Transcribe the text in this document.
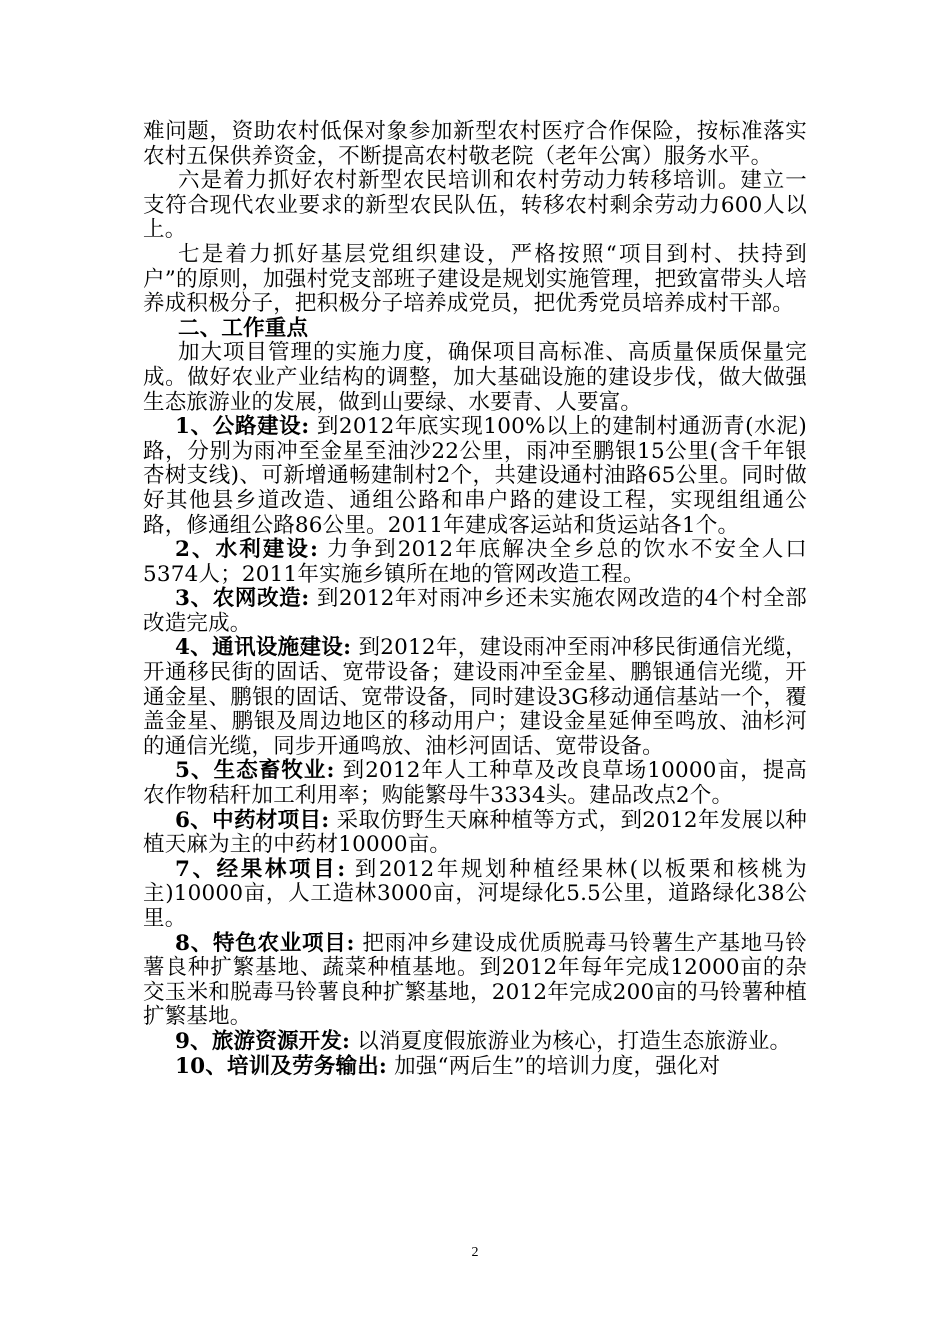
难问题，资助农村低保对象参加新型农村医疗合作保险，按标准落实农村五保供养资金，不断提高农村敬老院（老年公寓）服务水平。

六是着力抓好农村新型农民培训和农村劳动力转移培训。建立一支符合现代农业要求的新型农民队伍，转移农村剩余劳动力600人以上。

七是着力抓好基层党组织建设，严格按照“项目到村、扶持到户”的原则，加强村党支部班子建设是规划实施管理，把致富带头人培养成积极分子，把积极分子培养成党员，把优秀党员培养成村干部。

二、工作重点

加大项目管理的实施力度，确保项目高标准、高质量保质保量完成。做好农业产业结构的调整，加大基础设施的建设步伐，做大做强生态旅游业的发展，做到山要绿、水要青、人要富。

1、公路建设: 到2012年底实现100%以上的建制村通沥青(水泥)路，分别为雨冲至金星至油沙22公里，雨冲至鹏银15公里(含千年银杏树支线)、可新增通畅建制村2个，共建设通村油路65公里。同时做好其他县乡道改造、通组公路和串户路的建设工程，实现组组通公路，修通组公路86公里。2011年建成客运站和货运站各1个。

2、水利建设: 力争到2012年底解决全乡总的饮水不安全人口5374人；2011年实施乡镇所在地的管网改造工程。

3、农网改造: 到2012年对雨冲乡还未实施农网改造的4个村全部改造完成。

4、通讯设施建设: 到2012年，建设雨冲至雨冲移民街通信光缆，开通移民街的固话、宽带设备；建设雨冲至金星、鹏银通信光缆，开通金星、鹏银的固话、宽带设备，同时建设3G移动通信基站一个，覆盖金星、鹏银及周边地区的移动用户；建设金星延伸至鸣放、油杉河的通信光缆，同步开通鸣放、油杉河固话、宽带设备。

5、生态畜牧业: 到2012年人工种草及改良草场10000亩，提高农作物秸秆加工利用率；购能繁母牛3334头。建品改点2个。

6、中药材项目: 采取仿野生天麻种植等方式，到2012年发展以种植天麻为主的中药材10000亩。

7、经果林项目: 到2012年规划种植经果林(以板栗和核桃为主)10000亩，人工造林3000亩，河堤绿化5.5公里，道路绿化38公里。

8、特色农业项目: 把雨冲乡建设成优质脱毒马铃薯生产基地马铃薯良种扩繁基地、蔬菜种植基地。到2012年每年完成12000亩的杂交玉米和脱毒马铃薯良种扩繁基地，2012年完成200亩的马铃薯种植扩繁基地。

9、旅游资源开发: 以消夏度假旅游业为核心，打造生态旅游业。

10、培训及劳务输出: 加强“两后生”的培训力度，强化对

2
